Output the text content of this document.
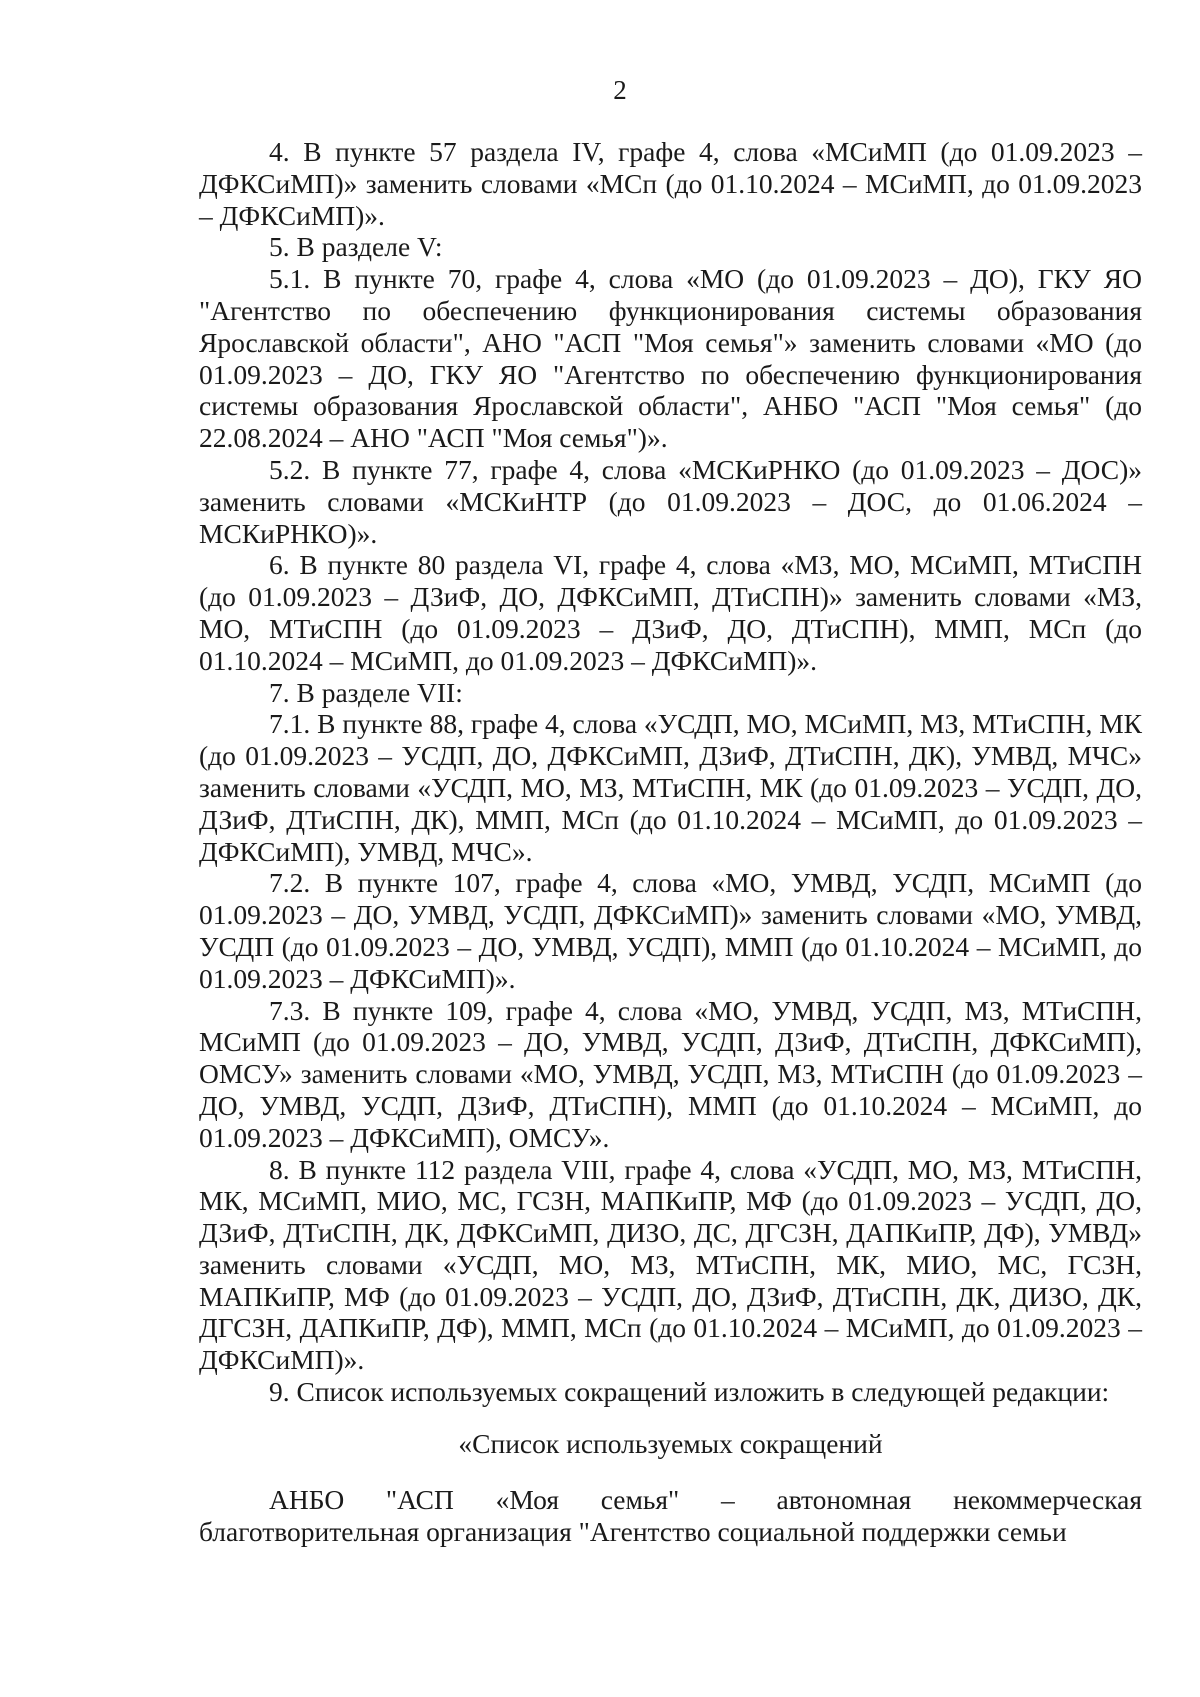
2

4. В пункте 57 раздела IV, графе 4, слова «МСиМП (до 01.09.2023 – ДФКСиМП)» заменить словами «МСп (до 01.10.2024 – МСиМП, до 01.09.2023 – ДФКСиМП)».

5. В разделе V:

5.1. В пункте 70, графе 4, слова «МО (до 01.09.2023 – ДО), ГКУ ЯО "Агентство по обеспечению функционирования системы образования Ярославской области", АНО "АСП "Моя семья"» заменить словами «МО (до 01.09.2023 – ДО, ГКУ ЯО "Агентство по обеспечению функционирования системы образования Ярославской области", АНБО "АСП "Моя семья" (до 22.08.2024 – АНО "АСП "Моя семья")».

5.2. В пункте 77, графе 4, слова «МСКиРНКО (до 01.09.2023 – ДОС)» заменить словами «МСКиНТР (до 01.09.2023 – ДОС, до 01.06.2024 – МСКиРНКО)».

6. В пункте 80 раздела VI, графе 4, слова «МЗ, МО, МСиМП, МТиСПН (до 01.09.2023 – ДЗиФ, ДО, ДФКСиМП, ДТиСПН)» заменить словами «МЗ, МО, МТиСПН (до 01.09.2023 – ДЗиФ, ДО, ДТиСПН), ММП, МСп (до 01.10.2024 – МСиМП, до 01.09.2023 – ДФКСиМП)».

7. В разделе VII:

7.1. В пункте 88, графе 4, слова «УСДП, МО, МСиМП, МЗ, МТиСПН, МК (до 01.09.2023 – УСДП, ДО, ДФКСиМП, ДЗиФ, ДТиСПН, ДК), УМВД, МЧС» заменить словами «УСДП, МО, МЗ, МТиСПН, МК (до 01.09.2023 – УСДП, ДО, ДЗиФ, ДТиСПН, ДК), ММП, МСп (до 01.10.2024 – МСиМП, до 01.09.2023 – ДФКСиМП), УМВД, МЧС».

7.2. В пункте 107, графе 4, слова «МО, УМВД, УСДП, МСиМП (до 01.09.2023 – ДО, УМВД, УСДП, ДФКСиМП)» заменить словами «МО, УМВД, УСДП (до 01.09.2023 – ДО, УМВД, УСДП), ММП (до 01.10.2024 – МСиМП, до 01.09.2023 – ДФКСиМП)».

7.3. В пункте 109, графе 4, слова «МО, УМВД, УСДП, МЗ, МТиСПН, МСиМП (до 01.09.2023 – ДО, УМВД, УСДП, ДЗиФ, ДТиСПН, ДФКСиМП), ОМСУ» заменить словами «МО, УМВД, УСДП, МЗ, МТиСПН (до 01.09.2023 – ДО, УМВД, УСДП, ДЗиФ, ДТиСПН), ММП (до 01.10.2024 – МСиМП, до 01.09.2023 – ДФКСиМП), ОМСУ».

8. В пункте 112 раздела VIII, графе 4, слова «УСДП, МО, МЗ, МТиСПН, МК, МСиМП, МИО, МС, ГСЗН, МАПКиПР, МФ (до 01.09.2023 – УСДП, ДО, ДЗиФ, ДТиСПН, ДК, ДФКСиМП, ДИЗО, ДС, ДГСЗН, ДАПКиПР, ДФ), УМВД» заменить словами «УСДП, МО, МЗ, МТиСПН, МК, МИО, МС, ГСЗН, МАПКиПР, МФ (до 01.09.2023 – УСДП, ДО, ДЗиФ, ДТиСПН, ДК, ДИЗО, ДК, ДГСЗН, ДАПКиПР, ДФ), ММП, МСп (до 01.10.2024 – МСиМП, до 01.09.2023 – ДФКСиМП)».

9. Список используемых сокращений изложить в следующей редакции:

«Список используемых сокращений

АНБО "АСП «Моя семья" – автономная некоммерческая благотворительная организация "Агентство социальной поддержки семьи
